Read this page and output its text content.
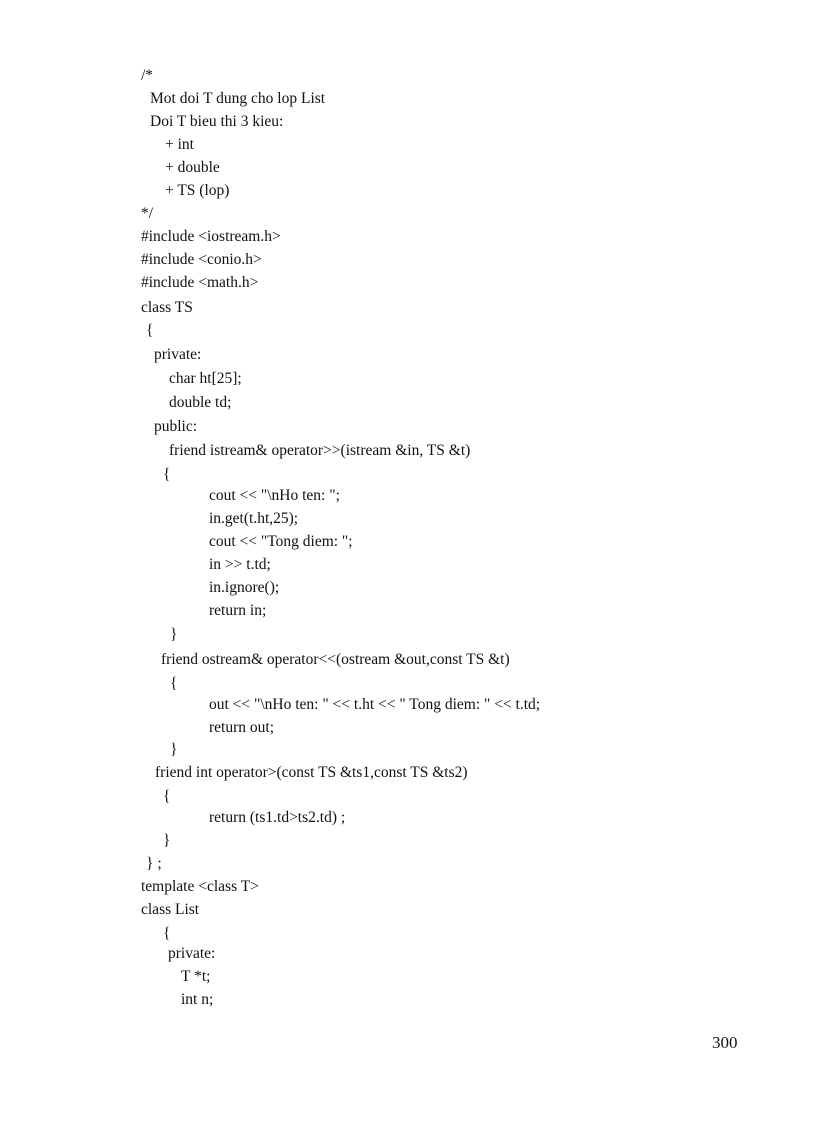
/*
Mot doi T dung cho lop List
Doi T bieu thi 3 kieu:
+ int
+ double
+ TS (lop)
*/
#include <iostream.h>
#include <conio.h>
#include <math.h>
class TS
{
private:
char ht[25];
double td;
public:
friend istream& operator>>(istream &in, TS &t)
{
cout << "\nHo ten: ";
in.get(t.ht,25);
cout << "Tong diem: ";
in >> t.td;
in.ignore();
return in;
}
friend ostream& operator<<(ostream &out,const TS &t)
{
out << "\nHo ten: " << t.ht << " Tong diem: " << t.td;
return out;
}
friend int operator>(const TS &ts1,const TS &ts2)
{
return (ts1.td>ts2.td) ;
}
} ;
template <class T>
class List
{
private:
T *t;
int n;
300
